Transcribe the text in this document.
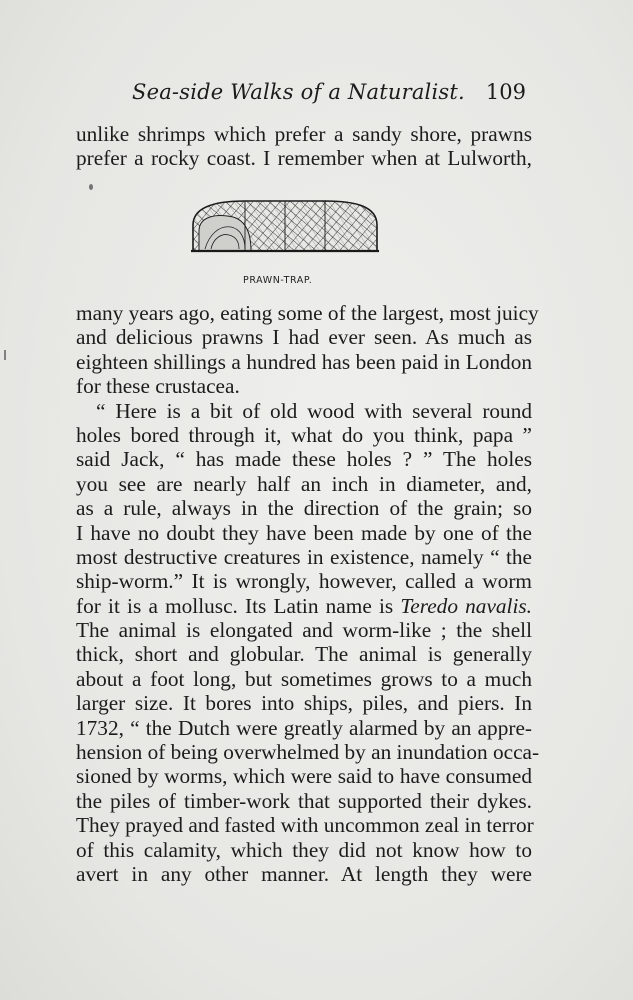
Sea-side Walks of a Naturalist. 109
unlike shrimps which prefer a sandy shore, prawns
prefer a rocky coast. I remember when at Lulworth,
PRAWN-TRAP.
many years ago, eating some of the largest, most juicy
and delicious prawns I had ever seen. As much as
eighteen shillings a hundred has been paid in London
for these crustacea.
“ Here is a bit of old wood with several round
holes bored through it, what do you think, papa ”
said Jack, “ has made these holes ? ” The holes
you see are nearly half an inch in diameter, and,
as a rule, always in the direction of the grain; so
I have no doubt they have been made by one of the
most destructive creatures in existence, namely “ the
ship-worm.” It is wrongly, however, called a worm
for it is a mollusc. Its Latin name is Teredo navalis.
The animal is elongated and worm-like ; the shell
thick, short and globular. The animal is generally
about a foot long, but sometimes grows to a much
larger size. It bores into ships, piles, and piers. In
1732, “ the Dutch were greatly alarmed by an appre-
hension of being overwhelmed by an inundation occa-
sioned by worms, which were said to have consumed
the piles of timber-work that supported their dykes.
They prayed and fasted with uncommon zeal in terror
of this calamity, which they did not know how to
avert in any other manner. At length they were
